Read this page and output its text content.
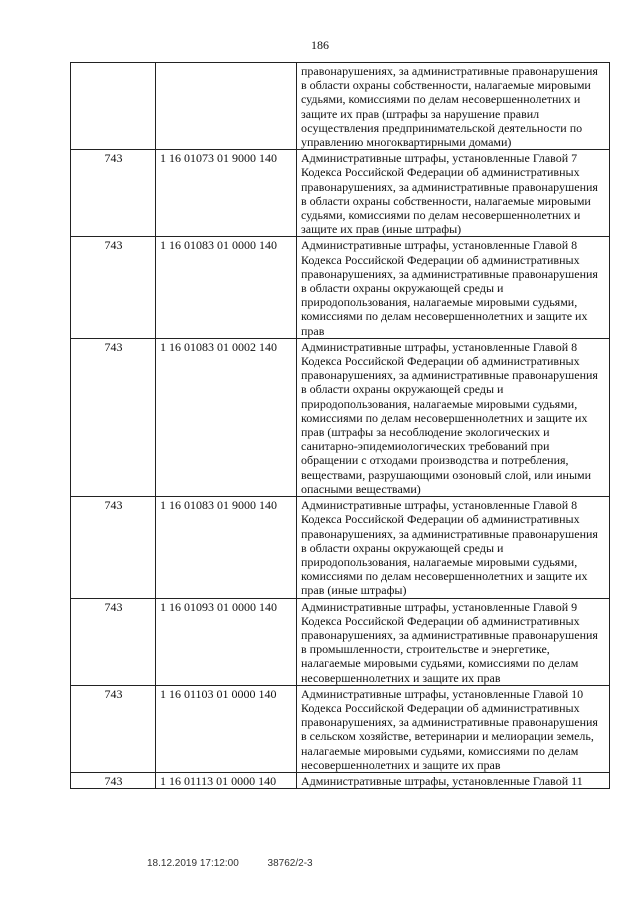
186
		правонарушениях, за административные правонарушения в области охраны собственности, налагаемые мировыми судьями, комиссиями по делам несовершеннолетних и защите их прав (штрафы за нарушение правил осуществления предпринимательской деятельности по управлению многоквартирными домами)
743	1 16 01073 01 9000 140	Административные штрафы, установленные Главой 7 Кодекса Российской Федерации об административных правонарушениях, за административные правонарушения в области охраны собственности, налагаемые мировыми судьями, комиссиями по делам несовершеннолетних и защите их прав (иные штрафы)
743	1 16 01083 01 0000 140	Административные штрафы, установленные Главой 8 Кодекса Российской Федерации об административных правонарушениях, за административные правонарушения в области охраны окружающей среды и природопользования, налагаемые мировыми судьями, комиссиями по делам несовершеннолетних и защите их прав
743	1 16 01083 01 0002 140	Административные штрафы, установленные Главой 8 Кодекса Российской Федерации об административных правонарушениях, за административные правонарушения в области охраны окружающей среды и природопользования, налагаемые мировыми судьями, комиссиями по делам несовершеннолетних и защите их прав (штрафы за несоблюдение экологических и санитарно-эпидемиологических требований при обращении с отходами производства и потребления, веществами, разрушающими озоновый слой, или иными опасными веществами)
743	1 16 01083 01 9000 140	Административные штрафы, установленные Главой 8 Кодекса Российской Федерации об административных правонарушениях, за административные правонарушения в области охраны окружающей среды и природопользования, налагаемые мировыми судьями, комиссиями по делам несовершеннолетних и защите их прав (иные штрафы)
743	1 16 01093 01 0000 140	Административные штрафы, установленные Главой 9 Кодекса Российской Федерации об административных правонарушениях, за административные правонарушения в промышленности, строительстве и энергетике, налагаемые мировыми судьями, комиссиями по делам несовершеннолетних и защите их прав
743	1 16 01103 01 0000 140	Административные штрафы, установленные Главой 10 Кодекса Российской Федерации об административных правонарушениях, за административные правонарушения в сельском хозяйстве, ветеринарии и мелиорации земель, налагаемые мировыми судьями, комиссиями по делам несовершеннолетних и защите их прав
743	1 16 01113 01 0000 140	Административные штрафы, установленные Главой 11
18.12.2019 17:12:00	38762/2-3
